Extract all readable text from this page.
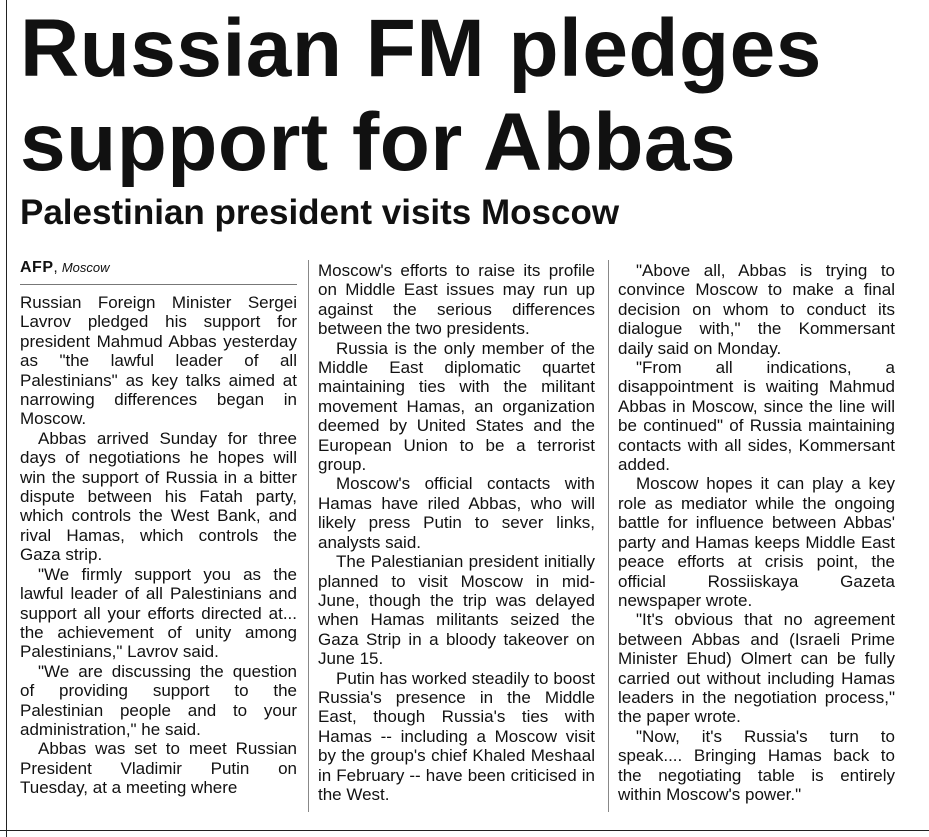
Russian FM pledges support for Abbas
Palestinian president visits Moscow
AFP, Moscow

Russian Foreign Minister Sergei Lavrov pledged his support for president Mahmud Abbas yesterday as "the lawful leader of all Palestinians" as key talks aimed at narrowing differences began in Moscow.

Abbas arrived Sunday for three days of negotiations he hopes will win the support of Russia in a bitter dispute between his Fatah party, which controls the West Bank, and rival Hamas, which controls the Gaza strip.

"We firmly support you as the lawful leader of all Palestinians and support all your efforts directed at... the achievement of unity among Palestinians," Lavrov said.

"We are discussing the question of providing support to the Palestinian people and to your administration," he said.

Abbas was set to meet Russian President Vladimir Putin on Tuesday, at a meeting where

Moscow's efforts to raise its profile on Middle East issues may run up against the serious differences between the two presidents.

Russia is the only member of the Middle East diplomatic quartet maintaining ties with the militant movement Hamas, an organization deemed by United States and the European Union to be a terrorist group.

Moscow's official contacts with Hamas have riled Abbas, who will likely press Putin to sever links, analysts said.

The Palestianian president initially planned to visit Moscow in mid-June, though the trip was delayed when Hamas militants seized the Gaza Strip in a bloody takeover on June 15.

Putin has worked steadily to boost Russia's presence in the Middle East, though Russia's ties with Hamas -- including a Moscow visit by the group's chief Khaled Meshaal in February -- have been criticised in the West.

"Above all, Abbas is trying to convince Moscow to make a final decision on whom to conduct its dialogue with," the Kommersant daily said on Monday.

"From all indications, a disappointment is waiting Mahmud Abbas in Moscow, since the line will be continued" of Russia maintaining contacts with all sides, Kommersant added.

Moscow hopes it can play a key role as mediator while the ongoing battle for influence between Abbas' party and Hamas keeps Middle East peace efforts at crisis point, the official Rossiiskaya Gazeta newspaper wrote.

"It's obvious that no agreement between Abbas and (Israeli Prime Minister Ehud) Olmert can be fully carried out without including Hamas leaders in the negotiation process," the paper wrote.

"Now, it's Russia's turn to speak.... Bringing Hamas back to the negotiating table is entirely within Moscow's power."
